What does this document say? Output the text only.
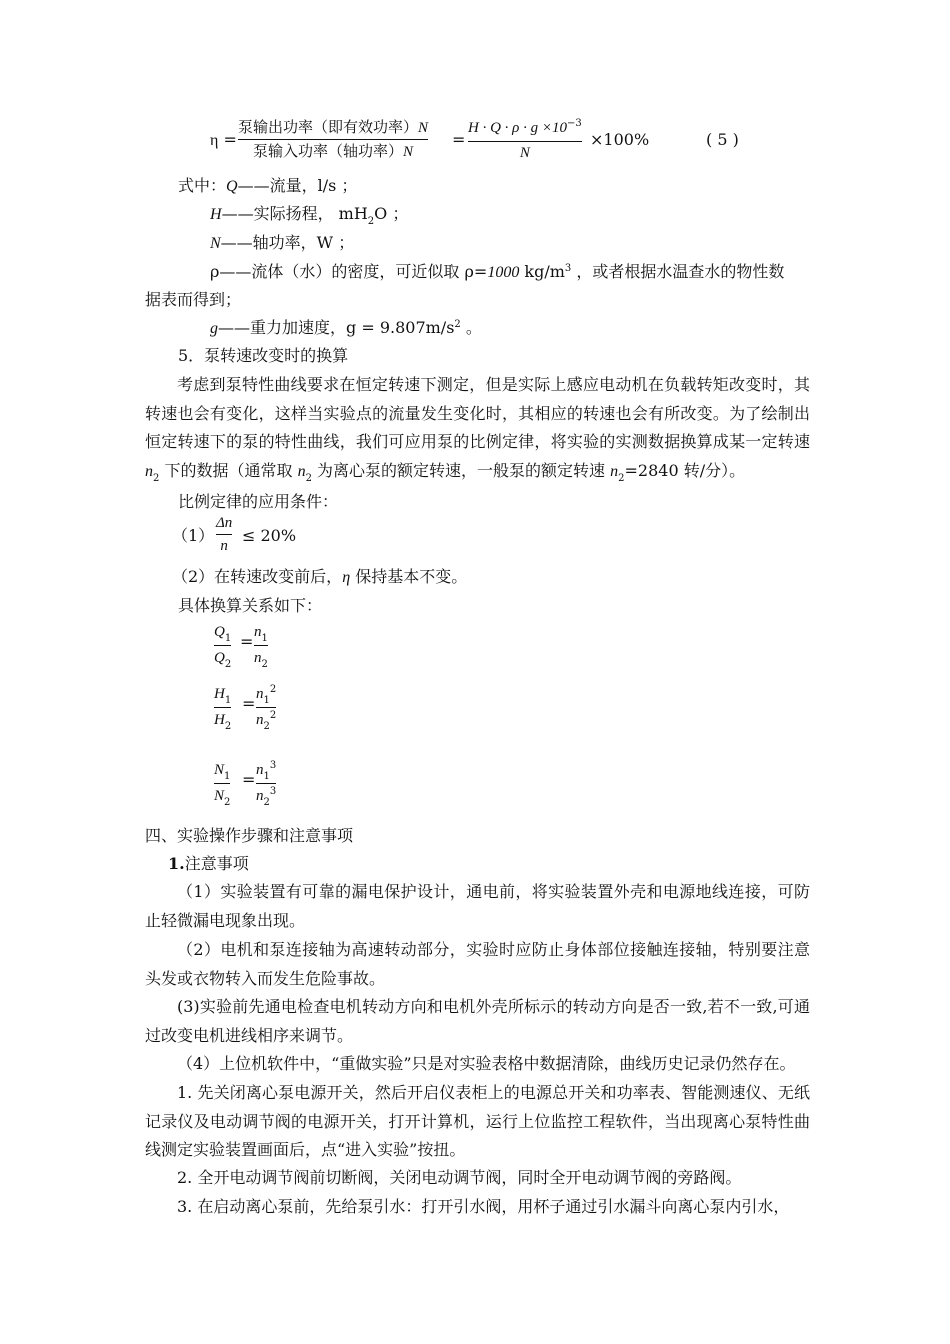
η =
泵输出功率（即有效功率）N
泵输入功率（轴功率）N
=
$H \cdot Q \cdot \rho \cdot g \times 10^{-3}$
N
×100%	( 5 )
式中：Q——流量，l/s ；
H——实际扬程， $mH_2O$ ；
N——轴功率，W ；
ρ——流体（水）的密度，可近似取 ρ=1000 $kg/m^3$ ，或者根据水温查水的物性数
据表而得到；
g——重力加速度，$g = 9.807m/s^2$ 。
5．泵转速改变时的换算
考虑到泵特性曲线要求在恒定转速下测定，但是实际上感应电动机在负载转矩改变时，其转速也会有变化，这样当实验点的流量发生变化时，其相应的转速也会有所改变。为了绘制出恒定转速下的泵的特性曲线，我们可应用泵的比例定律，将实验的实测数据换算成某一定转速 $n_2$ 下的数据（通常取 $n_2$ 为离心泵的额定转速，一般泵的额定转速 $n_2=2840$ 转/分）。
比例定律的应用条件：
（1）
Δn
n
≤ 20%
（2）在转速改变前后，η 保持基本不变。
具体换算关系如下：
$Q_1$
$Q_2$
= $n_1$
$n_2$
$H_1$
$H_2$
= $n_1^2$
$n_2^2$
$N_1$
$N_2$
= $n_1^3$
$n_2^3$
四、实验操作步骤和注意事项
1.注意事项
（1）实验装置有可靠的漏电保护设计，通电前，将实验装置外壳和电源地线连接，可防止轻微漏电现象出现。
（2）电机和泵连接轴为高速转动部分，实验时应防止身体部位接触连接轴，特别要注意头发或衣物转入而发生危险事故。
(3)实验前先通电检查电机转动方向和电机外壳所标示的转动方向是否一致,若不一致,可通过改变电机进线相序来调节。
（4）上位机软件中，“重做实验”只是对实验表格中数据清除，曲线历史记录仍然存在。
1. 先关闭离心泵电源开关，然后开启仪表柜上的电源总开关和功率表、智能测速仪、无纸记录仪及电动调节阀的电源开关，打开计算机，运行上位监控工程软件，当出现离心泵特性曲线测定实验装置画面后，点“进入实验”按扭。
2. 全开电动调节阀前切断阀，关闭电动调节阀，同时全开电动调节阀的旁路阀。
3. 在启动离心泵前，先给泵引水：打开引水阀，用杯子通过引水漏斗向离心泵内引水，
